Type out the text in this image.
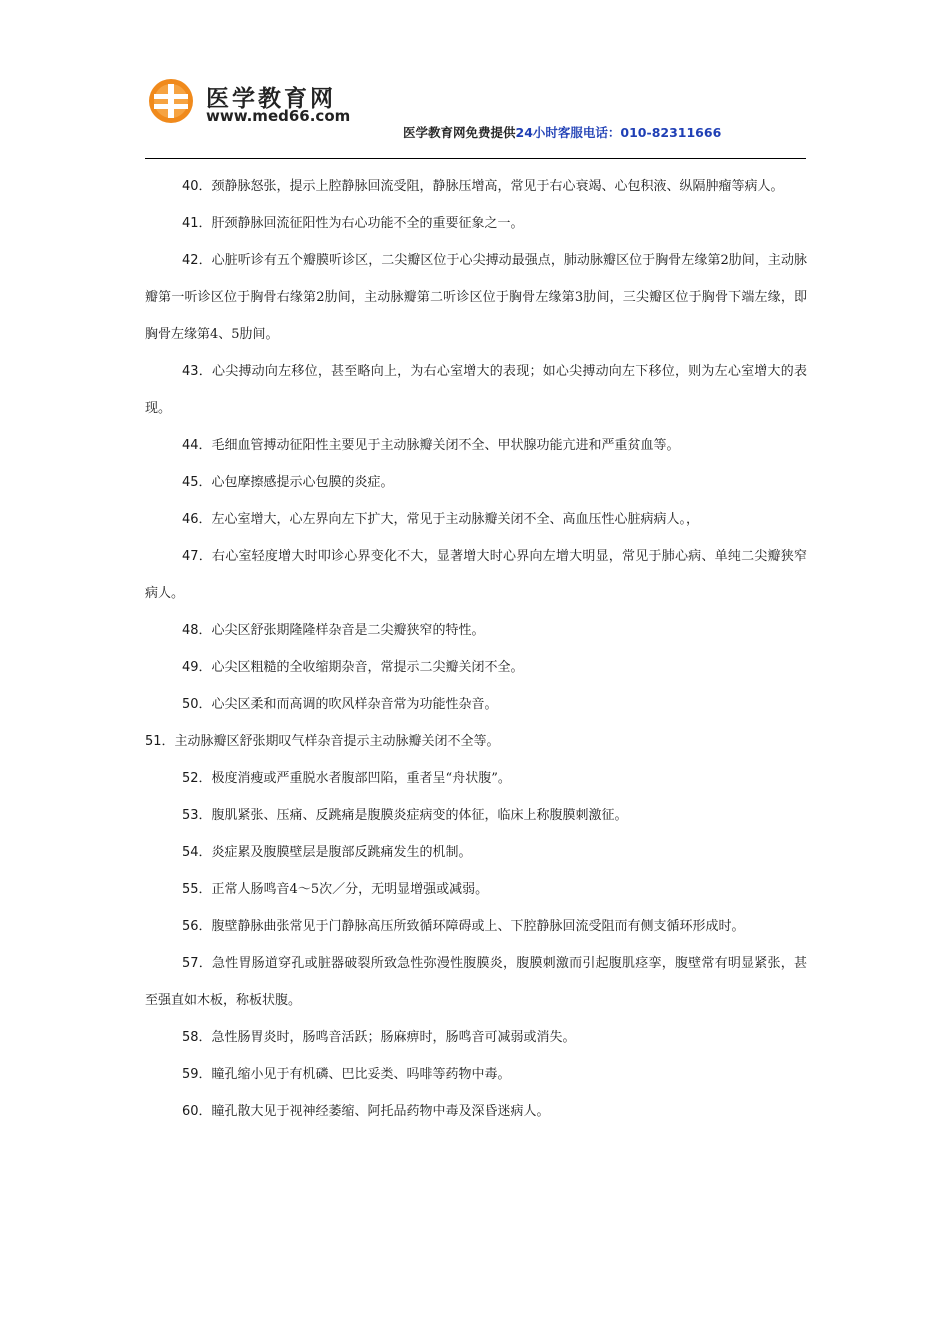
医学教育网
www.med66.com
医学教育网免费提供24小时客服电话：010-82311666

40．颈静脉怒张，提示上腔静脉回流受阻，静脉压增高，常见于右心衰竭、心包积液、纵隔肿瘤等病人。

41．肝颈静脉回流征阳性为右心功能不全的重要征象之一。

42．心脏听诊有五个瓣膜听诊区，二尖瓣区位于心尖搏动最强点，肺动脉瓣区位于胸骨左缘第2肋间，主动脉瓣第一听诊区位于胸骨右缘第2肋间，主动脉瓣第二听诊区位于胸骨左缘第3肋间，三尖瓣区位于胸骨下端左缘，即胸骨左缘第4、5肋间。

43．心尖搏动向左移位，甚至略向上，为右心室增大的表现；如心尖搏动向左下移位，则为左心室增大的表现。

44．毛细血管搏动征阳性主要见于主动脉瓣关闭不全、甲状腺功能亢进和严重贫血等。

45．心包摩擦感提示心包膜的炎症。

46．左心室增大，心左界向左下扩大，常见于主动脉瓣关闭不全、高血压性心脏病病人。，

47．右心室轻度增大时叩诊心界变化不大，显著增大时心界向左增大明显，常见于肺心病、单纯二尖瓣狭窄病人。

48．心尖区舒张期隆隆样杂音是二尖瓣狭窄的特性。

49．心尖区粗糙的全收缩期杂音，常提示二尖瓣关闭不全。

50．心尖区柔和而高调的吹风样杂音常为功能性杂音。

51．主动脉瓣区舒张期叹气样杂音提示主动脉瓣关闭不全等。

52．极度消瘦或严重脱水者腹部凹陷，重者呈“舟状腹”。

53．腹肌紧张、压痛、反跳痛是腹膜炎症病变的体征，临床上称腹膜刺激征。

54．炎症累及腹膜壁层是腹部反跳痛发生的机制。

55．正常人肠鸣音4～5次／分，无明显增强或减弱。

56．腹壁静脉曲张常见于门静脉高压所致循环障碍或上、下腔静脉回流受阻而有侧支循环形成时。

57．急性胃肠道穿孔或脏器破裂所致急性弥漫性腹膜炎，腹膜刺激而引起腹肌痉挛，腹壁常有明显紧张，甚至强直如木板，称板状腹。

58．急性肠胃炎时，肠鸣音活跃；肠麻痹时，肠鸣音可减弱或消失。

59．瞳孔缩小见于有机磷、巴比妥类、吗啡等药物中毒。

60．瞳孔散大见于视神经萎缩、阿托品药物中毒及深昏迷病人。
